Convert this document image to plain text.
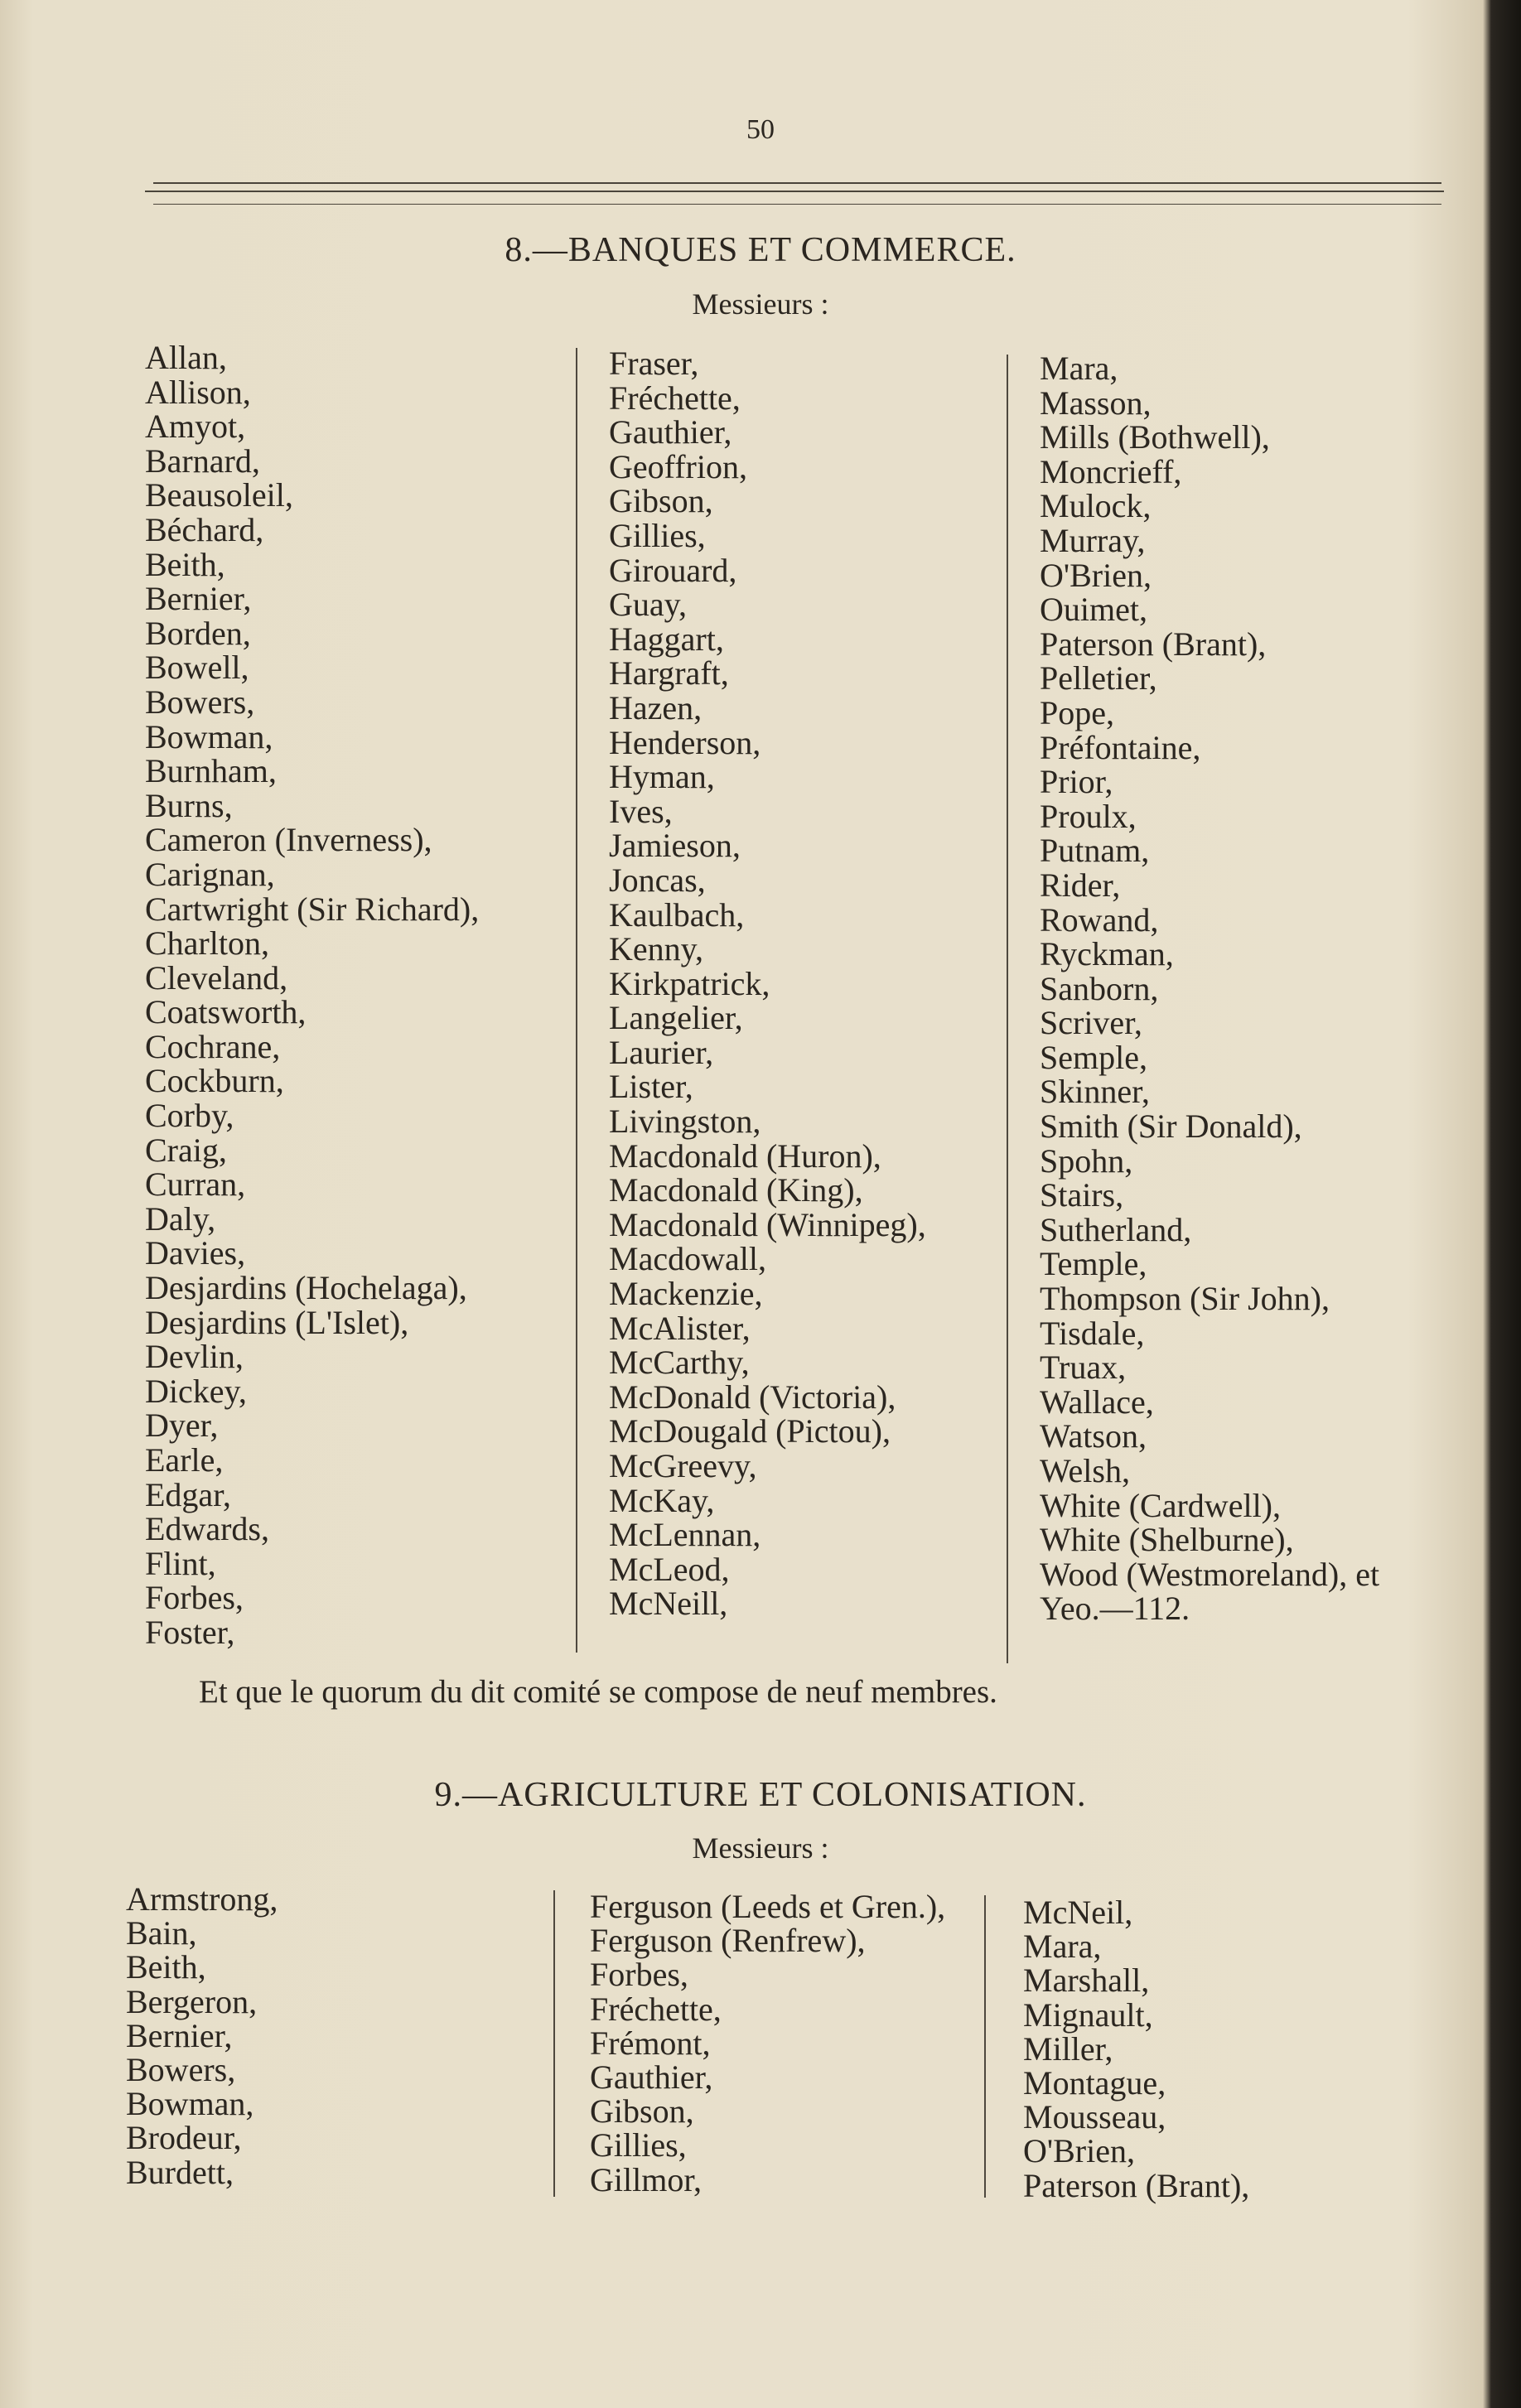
50
8.—BANQUES ET COMMERCE.
Messieurs :
Allan,
Allison,
Amyot,
Barnard,
Beausoleil,
Béchard,
Beith,
Bernier,
Borden,
Bowell,
Bowers,
Bowman,
Burnham,
Burns,
Cameron (Inverness),
Carignan,
Cartwright (Sir Richard),
Charlton,
Cleveland,
Coatsworth,
Cochrane,
Cockburn,
Corby,
Craig,
Curran,
Daly,
Davies,
Desjardins (Hochelaga),
Desjardins (L'Islet),
Devlin,
Dickey,
Dyer,
Earle,
Edgar,
Edwards,
Flint,
Forbes,
Foster,
Fraser,
Fréchette,
Gauthier,
Geoffrion,
Gibson,
Gillies,
Girouard,
Guay,
Haggart,
Hargraft,
Hazen,
Henderson,
Hyman,
Ives,
Jamieson,
Joncas,
Kaulbach,
Kenny,
Kirkpatrick,
Langelier,
Laurier,
Lister,
Livingston,
Macdonald (Huron),
Macdonald (King),
Macdonald (Winnipeg),
Macdowall,
Mackenzie,
McAlister,
McCarthy,
McDonald (Victoria),
McDougald (Pictou),
McGreevy,
McKay,
McLennan,
McLeod,
McNeill,
Mara,
Masson,
Mills (Bothwell),
Moncrieff,
Mulock,
Murray,
O'Brien,
Ouimet,
Paterson (Brant),
Pelletier,
Pope,
Préfontaine,
Prior,
Proulx,
Putnam,
Rider,
Rowand,
Ryckman,
Sanborn,
Scriver,
Semple,
Skinner,
Smith (Sir Donald),
Spohn,
Stairs,
Sutherland,
Temple,
Thompson (Sir John),
Tisdale,
Truax,
Wallace,
Watson,
Welsh,
White (Cardwell),
White (Shelburne),
Wood (Westmoreland), et
Yeo.—112.
Et que le quorum du dit comité se compose de neuf membres.
9.—AGRICULTURE ET COLONISATION.
Messieurs :
Armstrong,
Bain,
Beith,
Bergeron,
Bernier,
Bowers,
Bowman,
Brodeur,
Burdett,
Ferguson (Leeds et Gren.),
Ferguson (Renfrew),
Forbes,
Fréchette,
Frémont,
Gauthier,
Gibson,
Gillies,
Gillmor,
McNeil,
Mara,
Marshall,
Mignault,
Miller,
Montague,
Mousseau,
O'Brien,
Paterson (Brant),
